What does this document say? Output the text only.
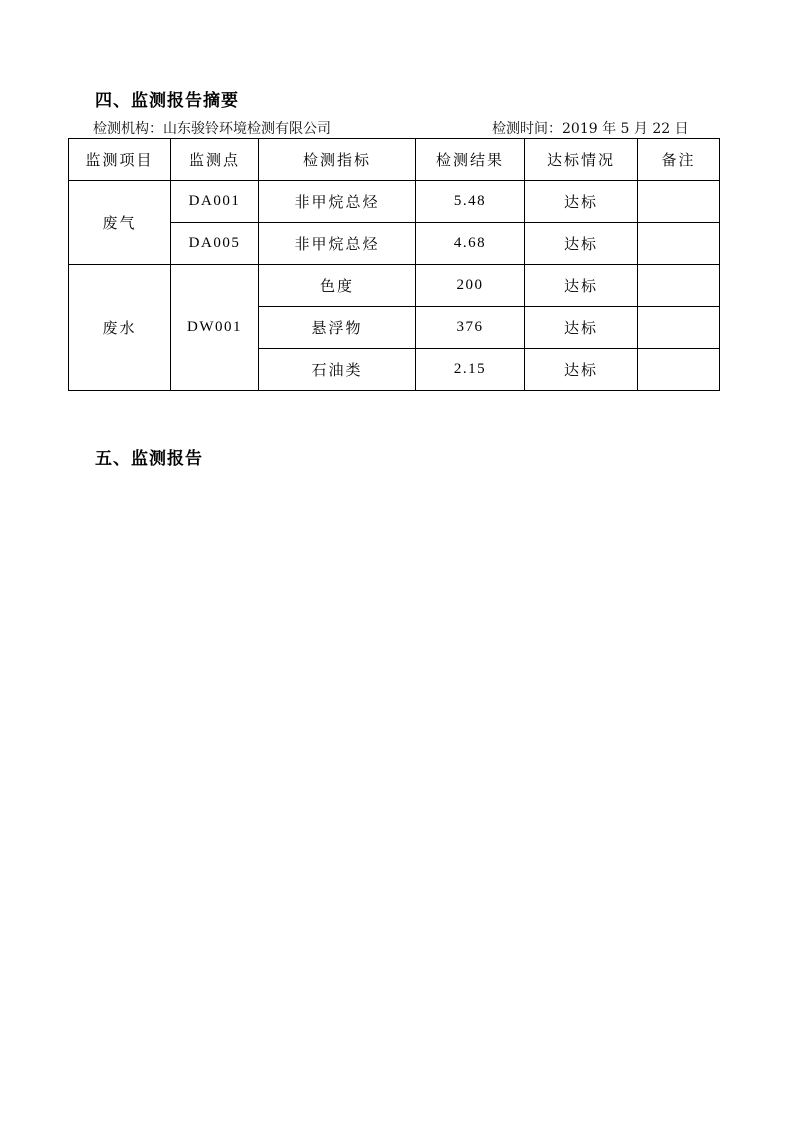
四、监测报告摘要
检测机构：山东骏铃环境检测有限公司	检测时间：2019 年 5 月 22 日
监测项目	监测点	检测指标	检测结果	达标情况	备注
废气	DA001	非甲烷总烃	5.48	达标	
	DA005	非甲烷总烃	4.68	达标	
废水	DW001	色度	200	达标	
		悬浮物	376	达标	
		石油类	2.15	达标	
五、监测报告
